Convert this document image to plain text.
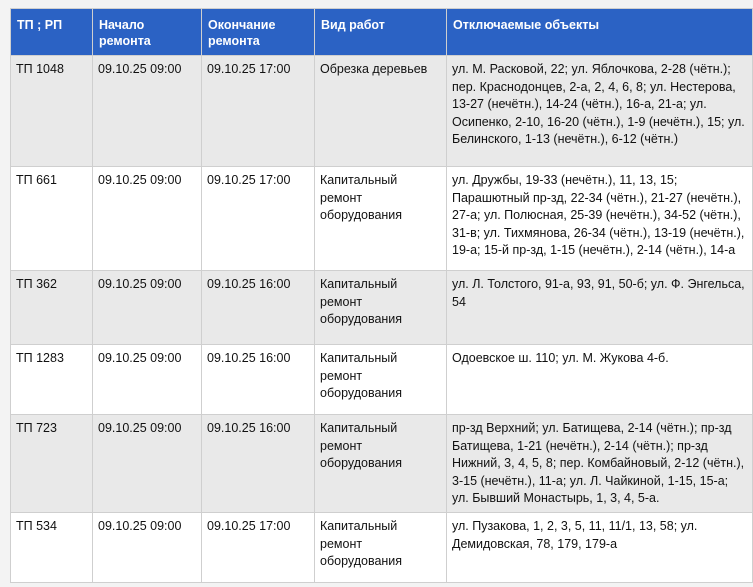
ТП ; РП	Начало ремонта	Окончание ремонта	Вид работ	Отключаемые объекты
ТП 1048	09.10.25 09:00	09.10.25 17:00	Обрезка деревьев	ул. М. Расковой, 22; ул. Яблочкова, 2-28 (чётн.); пер. Краснодонцев, 2-а, 2, 4, 6, 8; ул. Нестерова, 13-27 (нечётн.), 14-24 (чётн.), 16-а, 21-а; ул. Осипенко, 2-10, 16-20 (чётн.), 1-9 (нечётн.), 15; ул. Белинского, 1-13 (нечётн.), 6-12 (чётн.)
ТП 661	09.10.25 09:00	09.10.25 17:00	Капитальный ремонт оборудования	ул. Дружбы, 19-33 (нечётн.), 11, 13, 15; Парашютный пр-зд, 22-34 (чётн.), 21-27 (нечётн.), 27-а; ул. Полюсная, 25-39 (нечётн.), 34-52 (чётн.), 31-в; ул. Тихмянова, 26-34 (чётн.), 13-19 (нечётн.), 19-а; 15-й пр-зд, 1-15 (нечётн.), 2-14 (чётн.), 14-а
ТП 362	09.10.25 09:00	09.10.25 16:00	Капитальный ремонт оборудования	ул. Л. Толстого, 91-а, 93, 91, 50-б; ул. Ф. Энгельса, 54
ТП 1283	09.10.25 09:00	09.10.25 16:00	Капитальный ремонт оборудования	Одоевское ш. 110; ул. М. Жукова 4-б.
ТП 723	09.10.25 09:00	09.10.25 16:00	Капитальный ремонт оборудования	пр-зд Верхний; ул. Батищева, 2-14 (чётн.); пр-зд Батищева, 1-21 (нечётн.), 2-14 (чётн.); пр-зд Нижний, 3, 4, 5, 8; пер. Комбайновый, 2-12 (чётн.), 3-15 (нечётн.), 11-а; ул. Л. Чайкиной, 1-15, 15-а; ул. Бывший Монастырь, 1, 3, 4, 5-а.
ТП 534	09.10.25 09:00	09.10.25 17:00	Капитальный ремонт оборудования	ул. Пузакова, 1, 2, 3, 5, 11, 11/1, 13, 58; ул. Демидовская, 78, 179, 179-а
